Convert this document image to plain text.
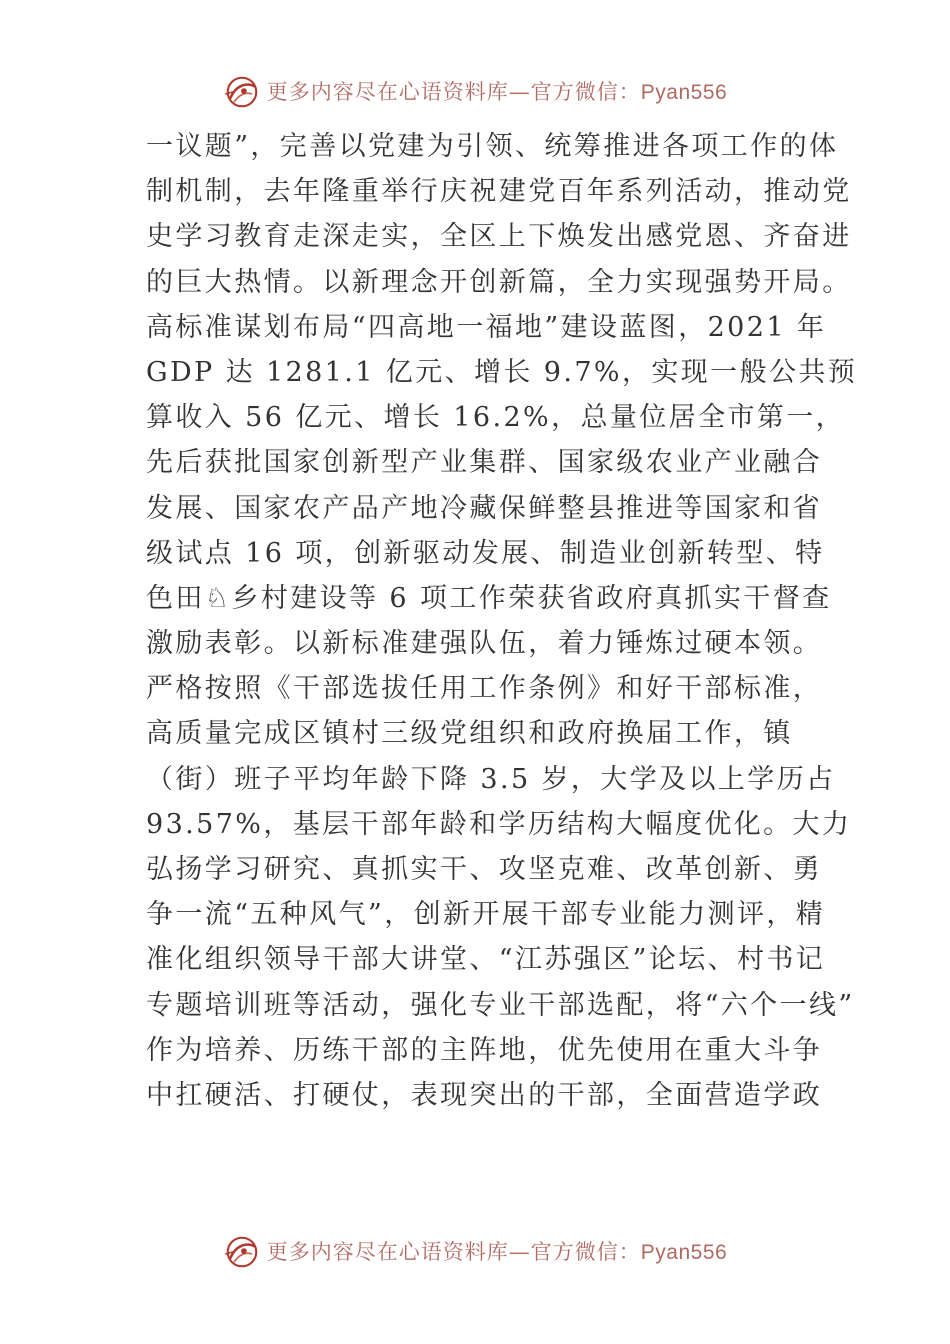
更多内容尽在心语资料库—官方微信：Pyan556
一议题”，完善以党建为引领、统筹推进各项工作的体
制机制，去年隆重举行庆祝建党百年系列活动，推动党
史学习教育走深走实，全区上下焕发出感党恩、齐奋进
的巨大热情。以新理念开创新篇，全力实现强势开局。
高标准谋划布局“四高地一福地”建设蓝图，2021 年
GDP 达 1281.1 亿元、增长 9.7%，实现一般公共预
算收入 56 亿元、增长 16.2%，总量位居全市第一，
先后获批国家创新型产业集群、国家级农业产业融合
发展、国家农产品产地冷藏保鲜整县推进等国家和省
级试点 16 项，创新驱动发展、制造业创新转型、特
色田♘乡村建设等 6 项工作荣获省政府真抓实干督查
激励表彰。以新标准建强队伍，着力锤炼过硬本领。
严格按照《干部选拔任用工作条例》和好干部标准，
高质量完成区镇村三级党组织和政府换届工作，镇
（街）班子平均年龄下降 3.5 岁，大学及以上学历占
93.57%，基层干部年龄和学历结构大幅度优化。大力
弘扬学习研究、真抓实干、攻坚克难、改革创新、勇
争一流“五种风气”，创新开展干部专业能力测评，精
准化组织领导干部大讲堂、“江苏强区”论坛、村书记
专题培训班等活动，强化专业干部选配，将“六个一线”
作为培养、历练干部的主阵地，优先使用在重大斗争
中扛硬活、打硬仗，表现突出的干部，全面营造学政
更多内容尽在心语资料库—官方微信：Pyan556
